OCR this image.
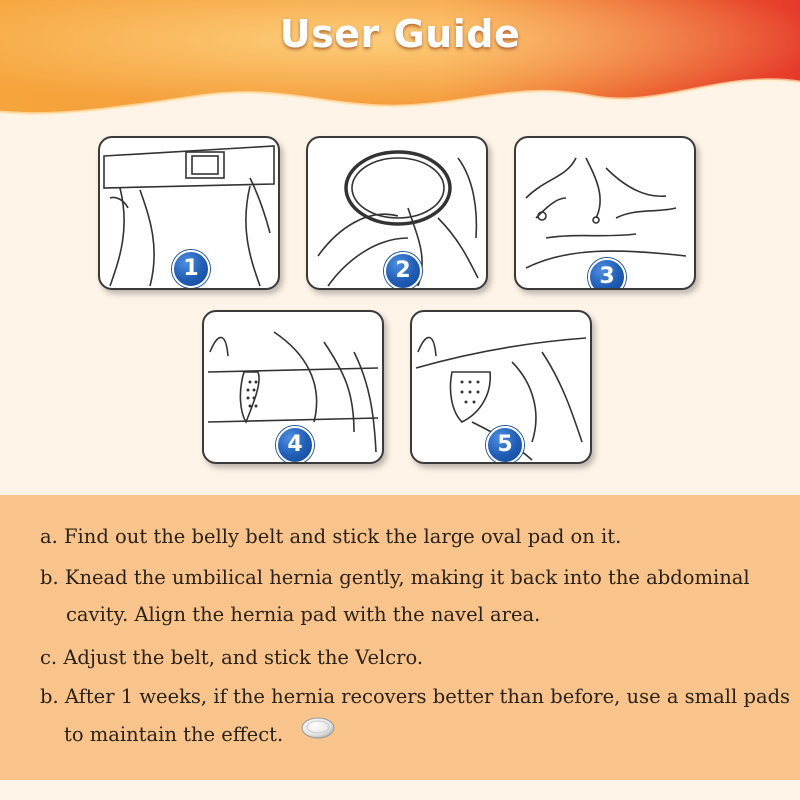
User Guide
1	2	3
4	5
a. Find out the belly belt and stick the large oval pad on it.
b. Knead the umbilical hernia gently, making it back into the abdominal
cavity. Align the hernia pad with the navel area.
c. Adjust the belt, and stick the Velcro.
b. After 1 weeks, if the hernia recovers better than before, use a small pads
to maintain the effect.
